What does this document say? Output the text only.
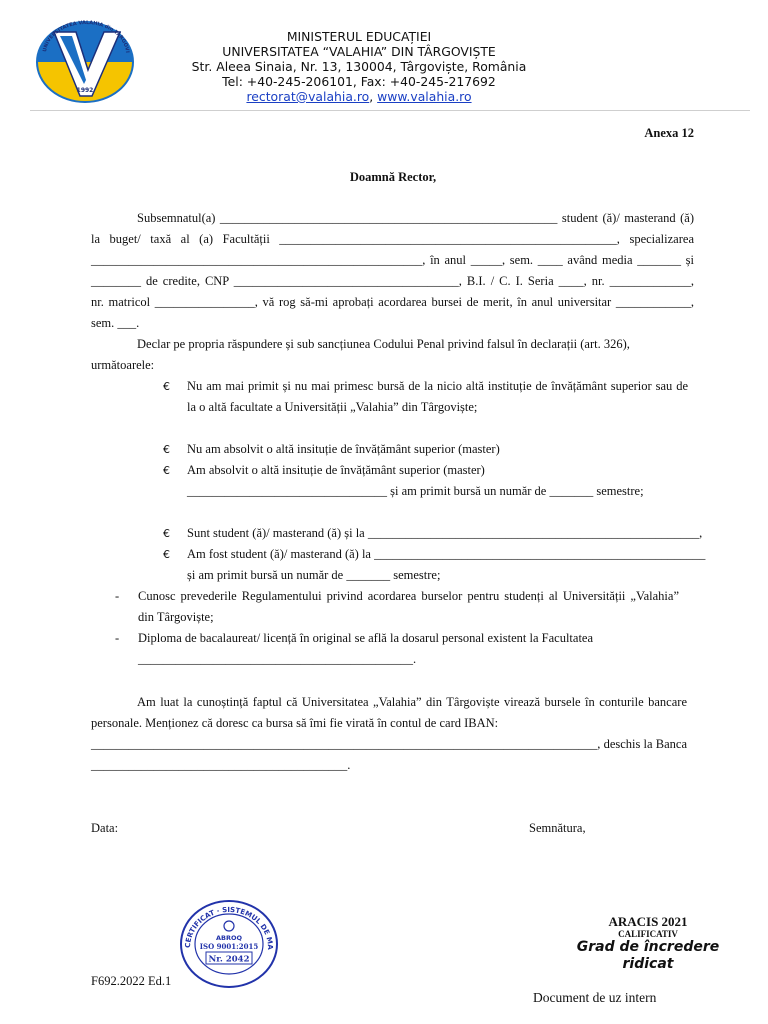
UNIVERSITATEA VALAHIA din TÂRGOVI
1992
MINISTERUL EDUCAȚIEI
UNIVERSITATEA “VALAHIA” DIN TÂRGOVIȘTE
Str. Aleea Sinaia, Nr. 13, 130004, Târgoviște, România
Tel: +40-245-206101, Fax: +40-245-217692
rectorat@valahia.ro, www.valahia.ro
Anexa 12
Doamnă Rector,
Subsemnatul(a) ______________________________________________________ student (ă)/ masterand (ă)
la buget/ taxă al (a) Facultății ______________________________________________________, specializarea
_____________________________________________________, în anul _____, sem. ____ având media _______ și
________ de credite, CNP ____________________________________, B.I. / C. I. Seria ____, nr. _____________,
nr. matricol ________________, vă rog să-mi aprobați acordarea bursei de merit, în anul universitar ____________,
sem. ___.
Declar pe propria răspundere și sub sancțiunea Codului Penal privind falsul în declarații (art. 326),
următoarele:
€ Nu am mai primit și nu mai primesc bursă de la nicio altă instituție de învățământ superior sau de
la o altă facultate a Universității „Valahia” din Târgoviște;
€ Nu am absolvit o altă insituție de învățământ superior (master)
€ Am absolvit o altă insituție de învățământ superior (master)
________________________________ și am primit bursă un număr de _______ semestre;
€ Sunt student (ă)/ masterand (ă) și la _____________________________________________________,
€ Am fost student (ă)/ masterand (ă) la _____________________________________________________
și am primit bursă un număr de _______ semestre;
- Cunosc prevederile Regulamentului privind acordarea burselor pentru studenți al Universității „Valahia”
din Târgoviște;
- Diploma de bacalaureat/ licență în original se află la dosarul personal existent la Facultatea
____________________________________________.
Am luat la cunoștință faptul că Universitatea „Valahia” din Târgoviște virează bursele în conturile bancare
personale. Menționez că doresc ca bursa să îmi fie virată în contul de card IBAN:
_________________________________________________________________________________, deschis la Banca
_________________________________________.
Data:	Semnătura,
CERTIFICAT · SISTEMUL DE MA
ABROQ
ISO 9001:2015
Nr. 2042
F692.2022 Ed.1
ARACIS 2021
CALIFICATIV
Grad de încredere
ridicat
Document de uz intern
